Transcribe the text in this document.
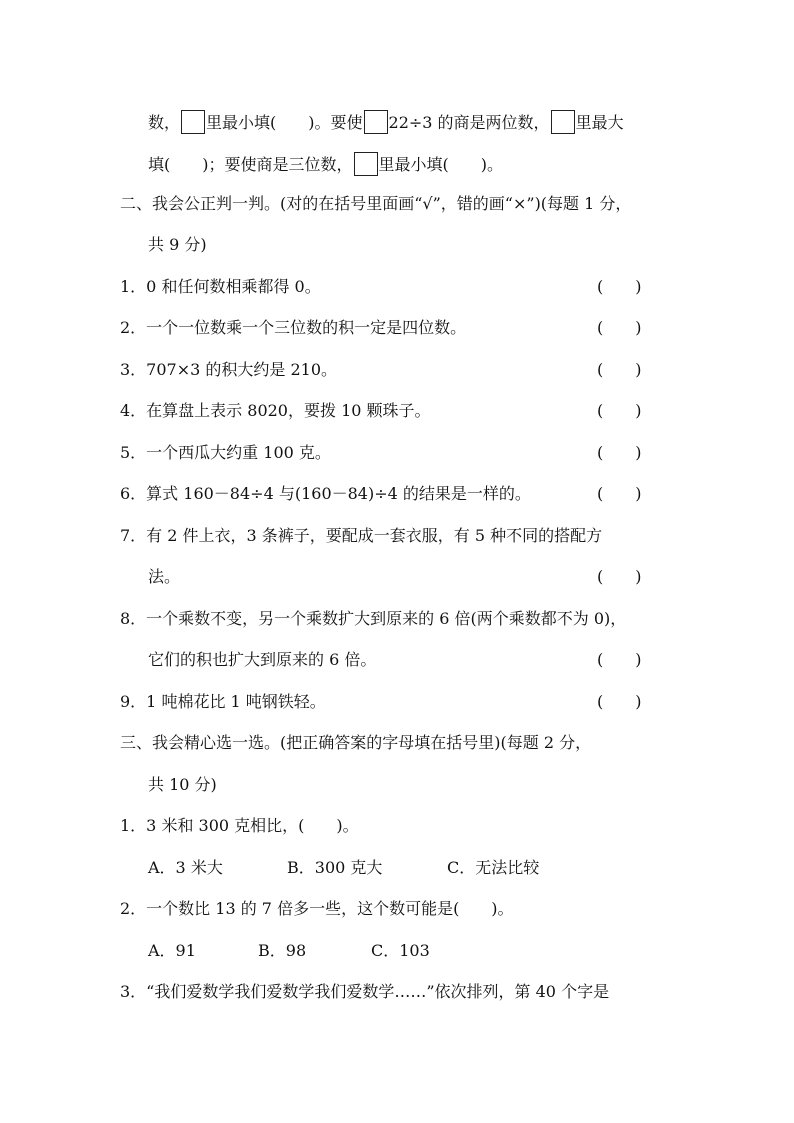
数， 里最小填(　　)。要使 22÷3 的商是两位数， 里最大
填(　　)；要使商是三位数， 里最小填(　　)。
二、我会公正判一判。(对的在括号里面画“√”，错的画“×”)(每题 1 分，
共 9 分)
1．0 和任何数相乘都得 0。	(　　)
2．一个一位数乘一个三位数的积一定是四位数。	(　　)
3．707×3 的积大约是 210。	(　　)
4．在算盘上表示 8020，要拨 10 颗珠子。	(　　)
5．一个西瓜大约重 100 克。	(　　)
6．算式 160－84÷4 与(160－84)÷4 的结果是一样的。	(　　)
7．有 2 件上衣，3 条裤子，要配成一套衣服，有 5 种不同的搭配方
法。	(　　)
8．一个乘数不变，另一个乘数扩大到原来的 6 倍(两个乘数都不为 0)，
它们的积也扩大到原来的 6 倍。	(　　)
9．1 吨棉花比 1 吨钢铁轻。	(　　)
三、我会精心选一选。(把正确答案的字母填在括号里)(每题 2 分，
共 10 分)
1．3 米和 300 克相比，(　　)。
A．3 米大	B．300 克大	C．无法比较
2．一个数比 13 的 7 倍多一些，这个数可能是(　　)。
A．91	B．98	C．103
3．“我们爱数学我们爱数学我们爱数学……”依次排列，第 40 个字是
